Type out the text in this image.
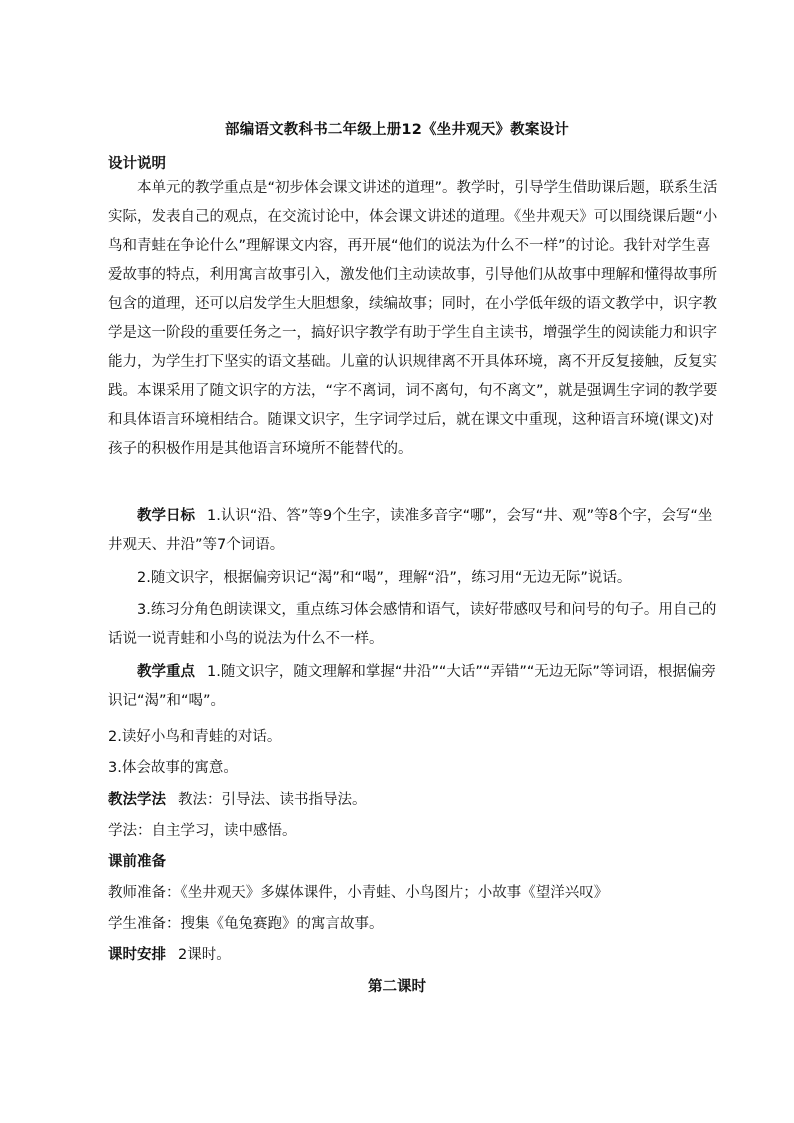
部编语文教科书二年级上册12《坐井观天》教案设计
设计说明
本单元的教学重点是“初步体会课文讲述的道理”。教学时，引导学生借助课后题，联系生活实际，发表自己的观点，在交流讨论中，体会课文讲述的道理。《坐井观天》可以围绕课后题“小鸟和青蛙在争论什么”理解课文内容，再开展“他们的说法为什么不一样”的讨论。我针对学生喜爱故事的特点，利用寓言故事引入，激发他们主动读故事，引导他们从故事中理解和懂得故事所包含的道理，还可以启发学生大胆想象，续编故事；同时，在小学低年级的语文教学中，识字教学是这一阶段的重要任务之一，搞好识字教学有助于学生自主读书，增强学生的阅读能力和识字能力，为学生打下坚实的语文基础。儿童的认识规律离不开具体环境，离不开反复接触，反复实践。本课采用了随文识字的方法，“字不离词，词不离句，句不离文”，就是强调生字词的教学要和具体语言环境相结合。随课文识字，生字词学过后，就在课文中重现，这种语言环境(课文)对孩子的积极作用是其他语言环境所不能替代的。
教学日标 1.认识“沿、答”等9个生字，读准多音字“哪”，会写“井、观”等8个字，会写“坐井观天、井沿”等7个词语。
2.随文识字，根据偏旁识记“渴”和“喝”，理解“沿”，练习用“无边无际”说话。
3.练习分角色朗读课文，重点练习体会感情和语气，读好带感叹号和问号的句子。用自己的话说一说青蛙和小鸟的说法为什么不一样。
教学重点 1.随文识字，随文理解和掌握“井沿”“大话”“弄错”“无边无际”等词语，根据偏旁识记“渴”和“喝”。
2.读好小鸟和青蛙的对话。
3.体会故事的寓意。
教法学法 教法：引导法、读书指导法。
学法：自主学习，读中感悟。
课前准备
教师准备：《坐井观天》多媒体课件，小青蛙、小鸟图片；小故事《望洋兴叹》
学生准备：搜集《龟兔赛跑》的寓言故事。
课时安排 2课时。
第二课时
